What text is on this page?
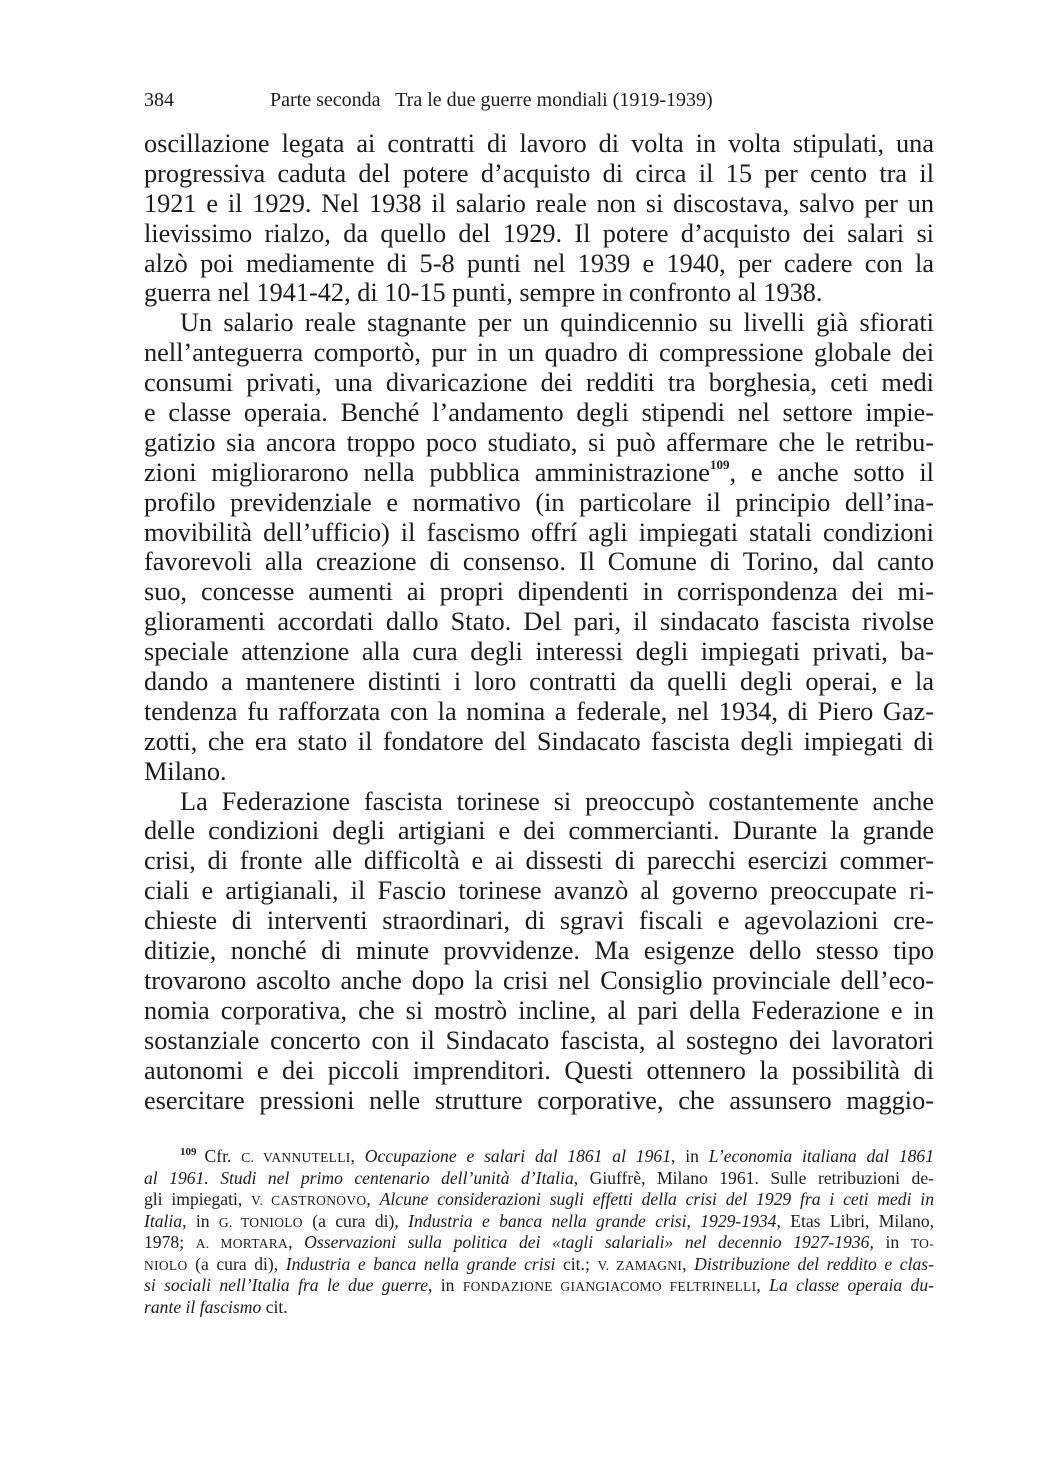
384	Parte seconda   Tra le due guerre mondiali (1919-1939)
oscillazione legata ai contratti di lavoro di volta in volta stipulati, una
progressiva caduta del potere d’acquisto di circa il 15 per cento tra il
1921 e il 1929. Nel 1938 il salario reale non si discostava, salvo per un
lievissimo rialzo, da quello del 1929. Il potere d’acquisto dei salari si
alzò poi mediamente di 5-8 punti nel 1939 e 1940, per cadere con la
guerra nel 1941-42, di 10-15 punti, sempre in confronto al 1938.
Un salario reale stagnante per un quindicennio su livelli già sfiorati
nell’anteguerra comportò, pur in un quadro di compressione globale dei
consumi privati, una divaricazione dei redditi tra borghesia, ceti medi
e classe operaia. Benché l’andamento degli stipendi nel settore impie-
gatizio sia ancora troppo poco studiato, si può affermare che le retribu-
zioni migliorarono nella pubblica amministrazione$^{109}$, e anche sotto il
profilo previdenziale e normativo (in particolare il principio dell’ina-
movibilità dell’ufficio) il fascismo offrí agli impiegati statali condizioni
favorevoli alla creazione di consenso. Il Comune di Torino, dal canto
suo, concesse aumenti ai propri dipendenti in corrispondenza dei mi-
glioramenti accordati dallo Stato. Del pari, il sindacato fascista rivolse
speciale attenzione alla cura degli interessi degli impiegati privati, ba-
dando a mantenere distinti i loro contratti da quelli degli operai, e la
tendenza fu rafforzata con la nomina a federale, nel 1934, di Piero Gaz-
zotti, che era stato il fondatore del Sindacato fascista degli impiegati di
Milano.
La Federazione fascista torinese si preoccupò costantemente anche
delle condizioni degli artigiani e dei commercianti. Durante la grande
crisi, di fronte alle difficoltà e ai dissesti di parecchi esercizi commer-
ciali e artigianali, il Fascio torinese avanzò al governo preoccupate ri-
chieste di interventi straordinari, di sgravi fiscali e agevolazioni cre-
ditizie, nonché di minute provvidenze. Ma esigenze dello stesso tipo
trovarono ascolto anche dopo la crisi nel Consiglio provinciale dell’eco-
nomia corporativa, che si mostrò incline, al pari della Federazione e in
sostanziale concerto con il Sindacato fascista, al sostegno dei lavoratori
autonomi e dei piccoli imprenditori. Questi ottennero la possibilità di
esercitare pressioni nelle strutture corporative, che assunsero maggio-
$^{109}$ Cfr. C. VANNUTELLI, Occupazione e salari dal 1861 al 1961, in L’economia italiana dal 1861
al 1961. Studi nel primo centenario dell’unità d’Italia, Giuffrè, Milano 1961. Sulle retribuzioni de-
gli impiegati, V. CASTRONOVO, Alcune considerazioni sugli effetti della crisi del 1929 fra i ceti medi in
Italia, in G. TONIOLO (a cura di), Industria e banca nella grande crisi, 1929-1934, Etas Libri, Milano,
1978; A. MORTARA, Osservazioni sulla politica dei «tagli salariali» nel decennio 1927-1936, in TO-
NIOLO (a cura di), Industria e banca nella grande crisi cit.; V. ZAMAGNI, Distribuzione del reddito e clas-
si sociali nell’Italia fra le due guerre, in FONDAZIONE GIANGIACOMO FELTRINELLI, La classe operaia du-
rante il fascismo cit.
